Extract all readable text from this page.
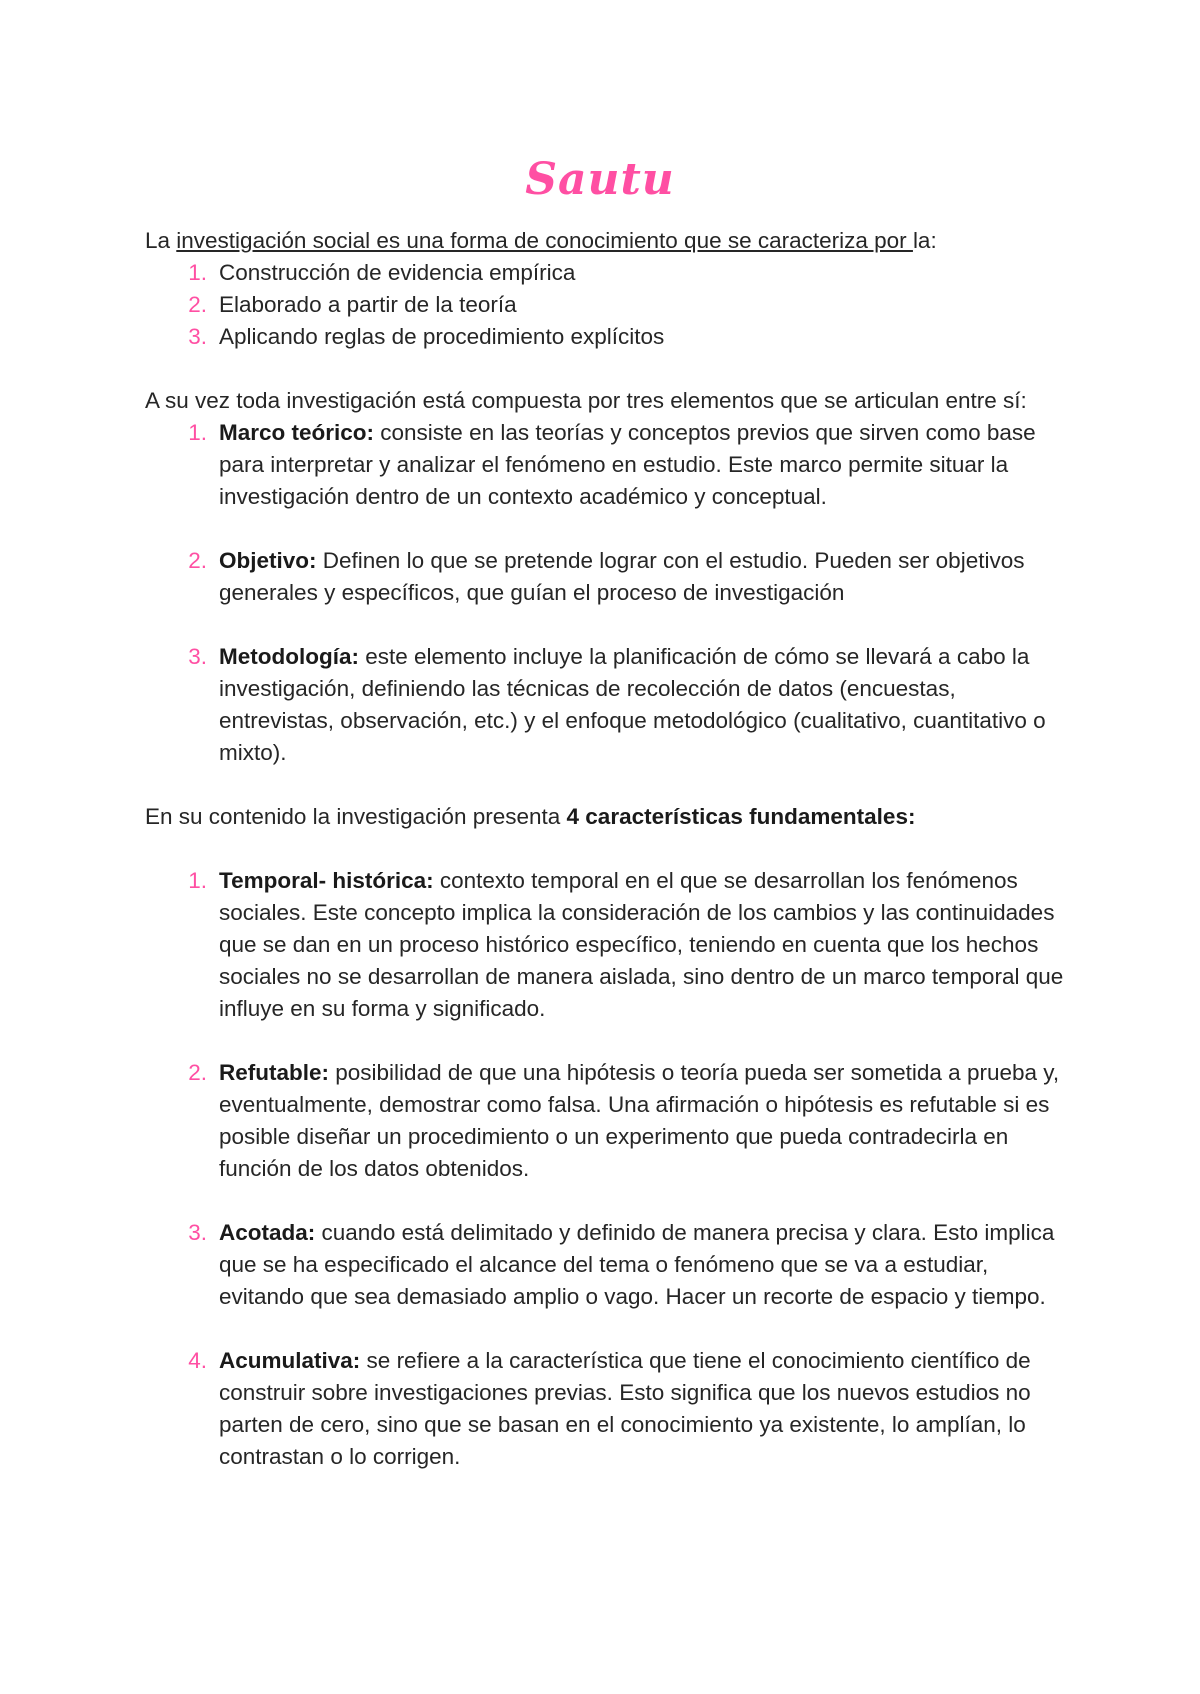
Sautu

La investigación social es una forma de conocimiento que se caracteriza por la:

1. Construcción de evidencia empírica
2. Elaborado a partir de la teoría
3. Aplicando reglas de procedimiento explícitos

A su vez toda investigación está compuesta por tres elementos que se articulan entre sí:

1. Marco teórico: consiste en las teorías y conceptos previos que sirven como base para interpretar y analizar el fenómeno en estudio. Este marco permite situar la investigación dentro de un contexto académico y conceptual.
2. Objetivo: Definen lo que se pretende lograr con el estudio. Pueden ser objetivos generales y específicos, que guían el proceso de investigación
3. Metodología: este elemento incluye la planificación de cómo se llevará a cabo la investigación, definiendo las técnicas de recolección de datos (encuestas, entrevistas, observación, etc.) y el enfoque metodológico (cualitativo, cuantitativo o mixto).

En su contenido la investigación presenta 4 características fundamentales:

1. Temporal- histórica: contexto temporal en el que se desarrollan los fenómenos sociales. Este concepto implica la consideración de los cambios y las continuidades que se dan en un proceso histórico específico, teniendo en cuenta que los hechos sociales no se desarrollan de manera aislada, sino dentro de un marco temporal que influye en su forma y significado.
2. Refutable: posibilidad de que una hipótesis o teoría pueda ser sometida a prueba y, eventualmente, demostrar como falsa. Una afirmación o hipótesis es refutable si es posible diseñar un procedimiento o un experimento que pueda contradecirla en función de los datos obtenidos.
3. Acotada: cuando está delimitado y definido de manera precisa y clara. Esto implica que se ha especificado el alcance del tema o fenómeno que se va a estudiar, evitando que sea demasiado amplio o vago. Hacer un recorte de espacio y tiempo.
4. Acumulativa: se refiere a la característica que tiene el conocimiento científico de construir sobre investigaciones previas. Esto significa que los nuevos estudios no parten de cero, sino que se basan en el conocimiento ya existente, lo amplían, lo contrastan o lo corrigen.
